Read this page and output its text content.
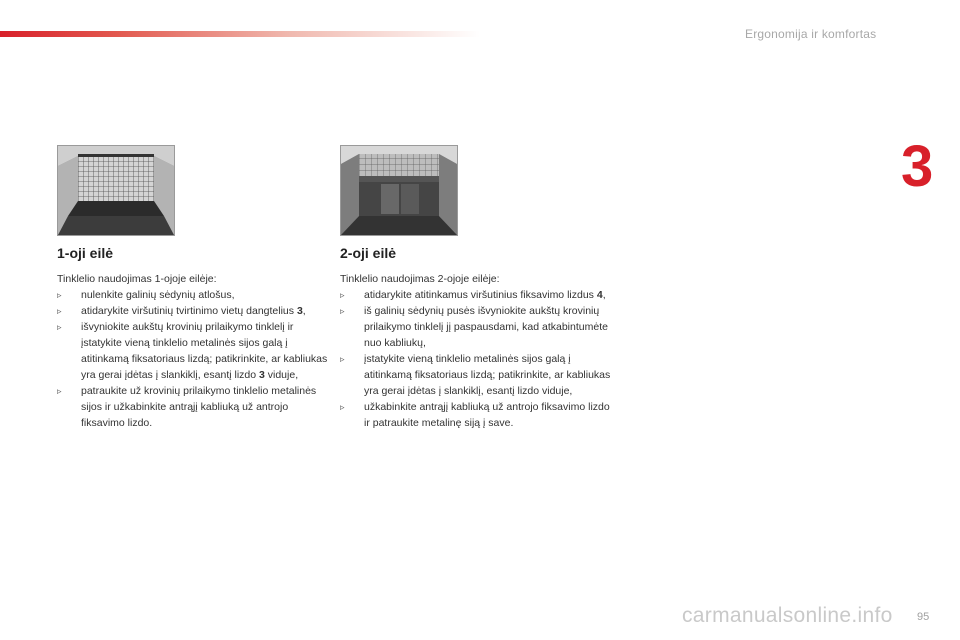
Ergonomija ir komfortas
3
1-oji eilė

Tinklelio naudojimas 1-ojoje eilėje:

▹ nulenkite galinių sėdynių atlošus,
▹ atidarykite viršutinių tvirtinimo vietų dangtelius 3,
▹ išvyniokite aukštų krovinių prilaikymo tinklelį ir įstatykite vieną tinklelio metalinės sijos galą į atitinkamą fiksatoriaus lizdą; patikrinkite, ar kabliukas yra gerai įdėtas į slankiklį, esantį lizdo 3 viduje,
▹ patraukite už krovinių prilaikymo tinklelio metalinės sijos ir užkabinkite antrąjį kabliuką už antrojo fiksavimo lizdo.
2-oji eilė

Tinklelio naudojimas 2-ojoje eilėje:

▹ atidarykite atitinkamus viršutinius fiksavimo lizdus 4,
▹ iš galinių sėdynių pusės išvyniokite aukštų krovinių prilaikymo tinklelį jį paspausdami, kad atkabintumėte nuo kabliukų,
▹ įstatykite vieną tinklelio metalinės sijos galą į atitinkamą fiksatoriaus lizdą; patikrinkite, ar kabliukas yra gerai įdėtas į slankiklį, esantį lizdo viduje,
▹ užkabinkite antrąjį kabliuką už antrojo fiksavimo lizdo ir patraukite metalinę siją į save.
95
carmanualsonline.info
